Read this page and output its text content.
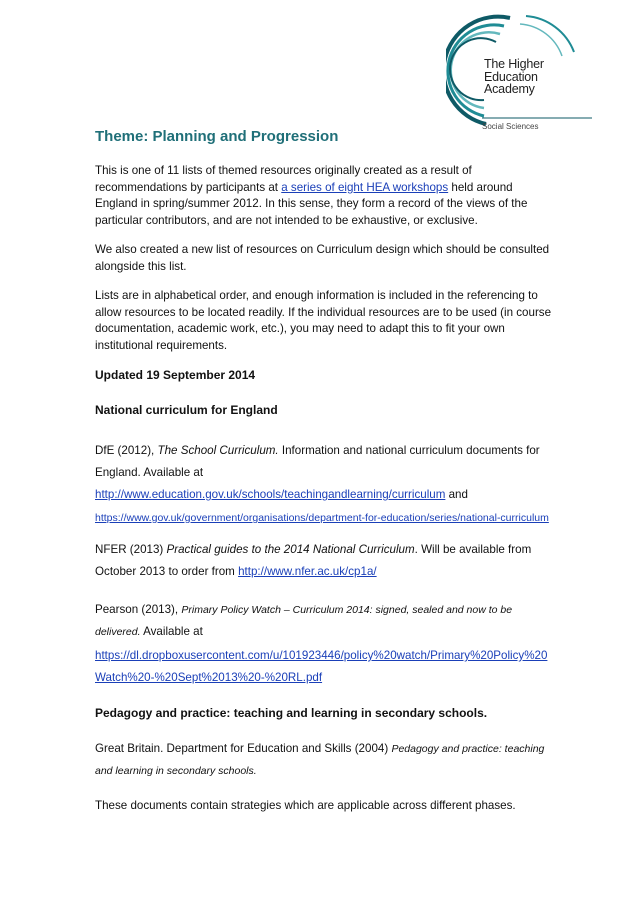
The Higher
Education
Academy
Social Sciences
Theme: Planning and Progression

This is one of 11 lists of themed resources originally created as a result of recommendations by participants at a series of eight HEA workshops held around England in spring/summer 2012. In this sense, they form a record of the views of the particular contributors, and are not intended to be exhaustive, or exclusive.

We also created a new list of resources on Curriculum design which should be consulted alongside this list.

Lists are in alphabetical order, and enough information is included in the referencing to allow resources to be located readily. If the individual resources are to be used (in course documentation, academic work, etc.), you may need to adapt this to fit your own institutional requirements.

Updated 19 September 2014

National curriculum for England

DfE (2012), The School Curriculum. Information and national curriculum documents for England. Available at

http://www.education.gov.uk/schools/teachingandlearning/curriculum and

https://www.gov.uk/government/organisations/department-for-education/series/national-curriculum

NFER (2013) Practical guides to the 2014 National Curriculum. Will be available from October 2013 to order from http://www.nfer.ac.uk/cp1a/

Pearson (2013), Primary Policy Watch – Curriculum 2014: signed, sealed and now to be delivered. Available at

https://dl.dropboxusercontent.com/u/101923446/policy%20watch/Primary%20Policy%20Watch%20-%20Sept%2013%20-%20RL.pdf

Pedagogy and practice: teaching and learning in secondary schools.

Great Britain. Department for Education and Skills (2004) Pedagogy and practice: teaching and learning in secondary schools.

These documents contain strategies which are applicable across different phases.
